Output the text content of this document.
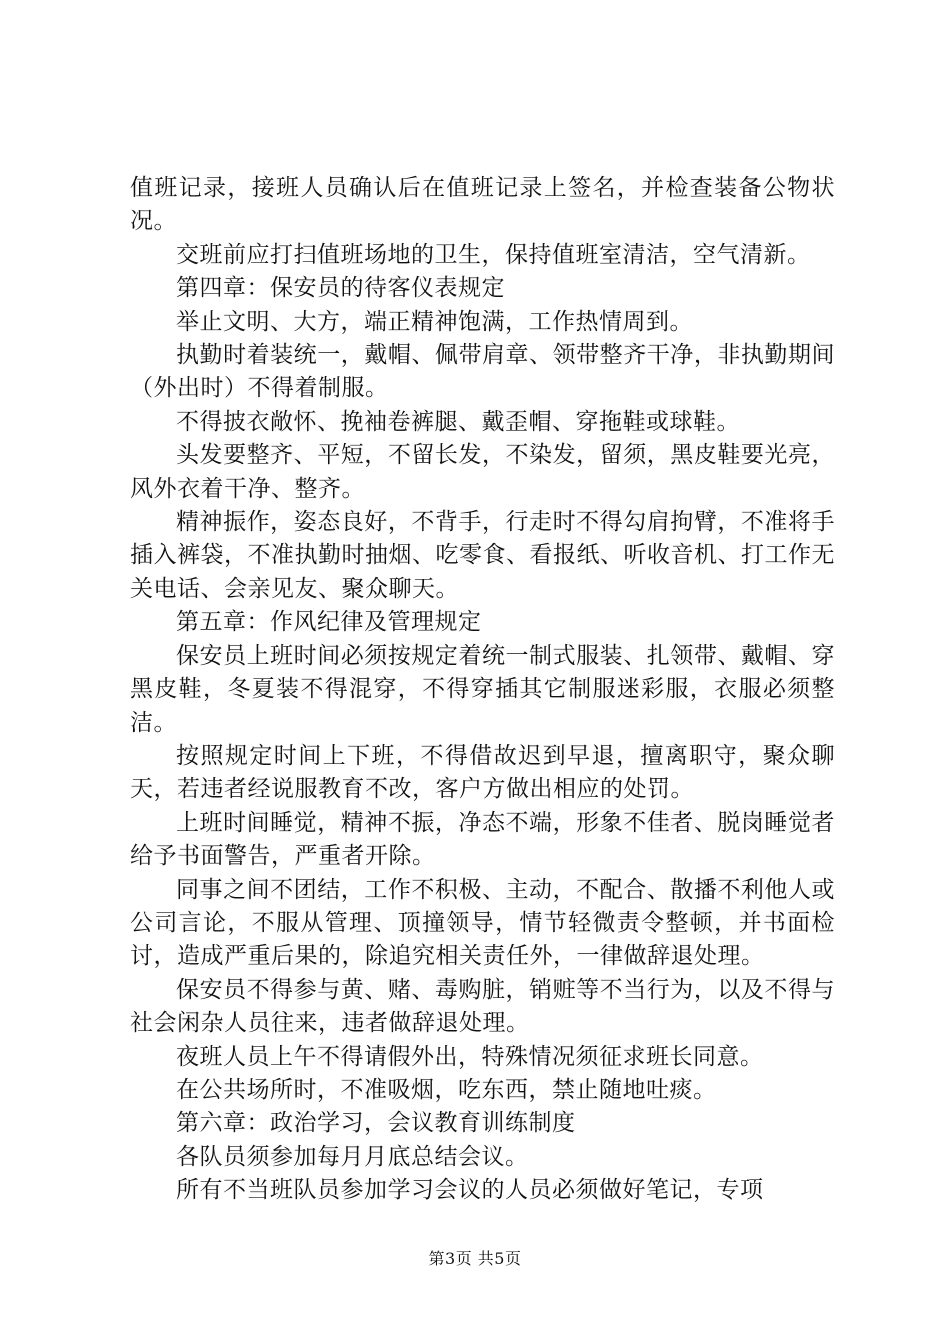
值班记录，接班人员确认后在值班记录上签名，并检查装备公物状况。

交班前应打扫值班场地的卫生，保持值班室清洁，空气清新。

第四章：保安员的待客仪表规定

举止文明、大方，端正精神饱满，工作热情周到。

执勤时着装统一，戴帽、佩带肩章、领带整齐干净，非执勤期间（外出时）不得着制服。

不得披衣敞怀、挽袖卷裤腿、戴歪帽、穿拖鞋或球鞋。

头发要整齐、平短，不留长发，不染发，留须，黑皮鞋要光亮，风外衣着干净、整齐。

精神振作，姿态良好，不背手，行走时不得勾肩拘臂，不准将手插入裤袋，不准执勤时抽烟、吃零食、看报纸、听收音机、打工作无关电话、会亲见友、聚众聊天。

第五章：作风纪律及管理规定

保安员上班时间必须按规定着统一制式服装、扎领带、戴帽、穿黑皮鞋，冬夏装不得混穿，不得穿插其它制服迷彩服，衣服必须整洁。

按照规定时间上下班，不得借故迟到早退，擅离职守，聚众聊天，若违者经说服教育不改，客户方做出相应的处罚。

上班时间睡觉，精神不振，净态不端，形象不佳者、脱岗睡觉者给予书面警告，严重者开除。

同事之间不团结，工作不积极、主动，不配合、散播不利他人或公司言论，不服从管理、顶撞领导，情节轻微责令整顿，并书面检讨，造成严重后果的，除追究相关责任外，一律做辞退处理。

保安员不得参与黄、赌、毒购脏，销赃等不当行为，以及不得与社会闲杂人员往来，违者做辞退处理。

夜班人员上午不得请假外出，特殊情况须征求班长同意。

在公共场所时，不准吸烟，吃东西，禁止随地吐痰。

第六章：政治学习，会议教育训练制度

各队员须参加每月月底总结会议。

所有不当班队员参加学习会议的人员必须做好笔记，专项

第3页 共5页
